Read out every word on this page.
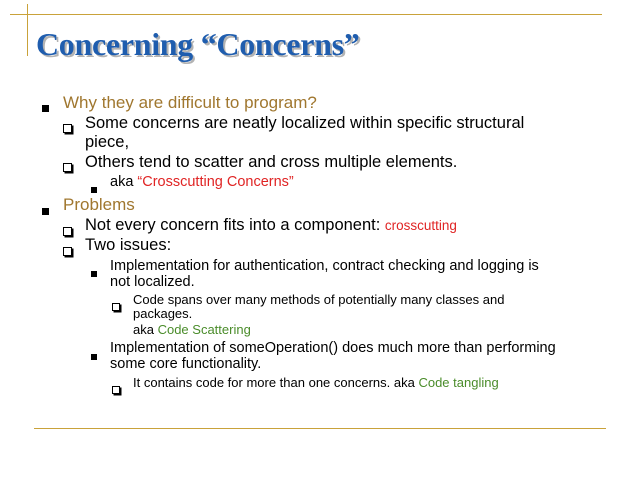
Concerning “Concerns”
Why they are difficult to program?
Some concerns are neatly localized within specific structural
piece,
Others tend to scatter and cross multiple elements.
aka “Crosscutting Concerns”
Problems
Not every concern fits into a component: crosscutting
Two issues:
Implementation for authentication, contract checking and logging is
not localized.
Code spans over many methods of potentially many classes and
packages.
aka Code Scattering
Implementation of someOperation() does much more than performing
some core functionality.
It contains code for more than one concerns. aka Code tangling
